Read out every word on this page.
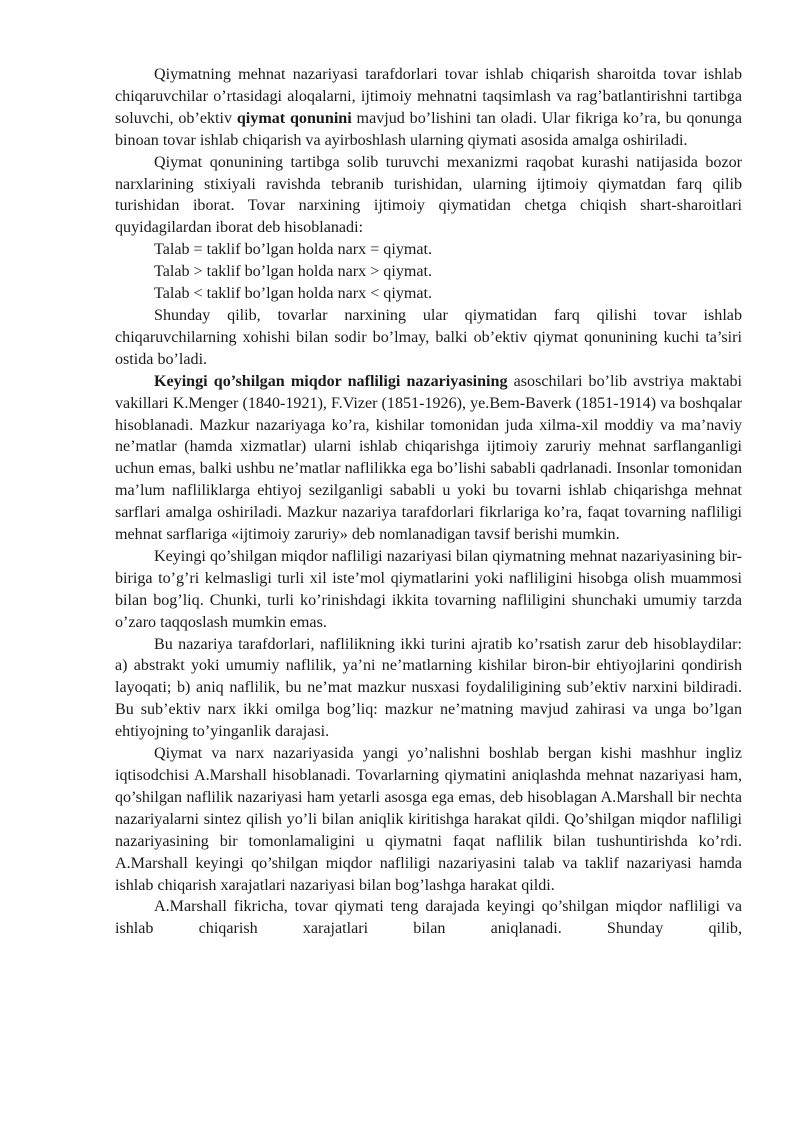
Qiymatning mehnat nazariyasi tarafdorlari tovar ishlab chiqarish sharoitda tovar ishlab chiqaruvchilar o’rtasidagi aloqalarni, ijtimoiy mehnatni taqsimlash va rag’batlantirishni tartibga soluvchi, ob’ektiv qiymat qonunini mavjud bo’lishini tan oladi. Ular fikriga ko’ra, bu qonunga binoan tovar ishlab chiqarish va ayirboshlash ularning qiymati asosida amalga oshiriladi.

Qiymat qonunining tartibga solib turuvchi mexanizmi raqobat kurashi natijasida bozor narxlarining stixiyali ravishda tebranib turishidan, ularning ijtimoiy qiymatdan farq qilib turishidan iborat. Tovar narxining ijtimoiy qiymatidan chetga chiqish shart-sharoitlari quyidagilardan iborat deb hisoblanadi:

Talab = taklif bo’lgan holda narx = qiymat.

Talab > taklif bo’lgan holda narx > qiymat.

Talab < taklif bo’lgan holda narx < qiymat.

Shunday qilib, tovarlar narxining ular qiymatidan farq qilishi tovar ishlab chiqaruvchilarning xohishi bilan sodir bo’lmay, balki ob’ektiv qiymat qonunining kuchi ta’siri ostida bo’ladi.

Keyingi qo’shilgan miqdor nafliligi nazariyasining asoschilari bo’lib avstriya maktabi vakillari K.Menger (1840-1921), F.Vizer (1851-1926), ye.Bem-Baverk (1851-1914) va boshqalar hisoblanadi. Mazkur nazariyaga ko’ra, kishilar tomonidan juda xilma-xil moddiy va ma’naviy ne’matlar (hamda xizmatlar) ularni ishlab chiqarishga ijtimoiy zaruriy mehnat sarflanganligi uchun emas, balki ushbu ne’matlar naflilikka ega bo’lishi sababli qadrlanadi. Insonlar tomonidan ma’lum nafliliklarga ehtiyoj sezilganligi sababli u yoki bu tovarni ishlab chiqarishga mehnat sarflari amalga oshiriladi. Mazkur nazariya tarafdorlari fikrlariga ko’ra, faqat tovarning nafliligi mehnat sarflariga «ijtimoiy zaruriy» deb nomlanadigan tavsif berishi mumkin.

Keyingi qo’shilgan miqdor nafliligi nazariyasi bilan qiymatning mehnat nazariyasining bir-biriga to’g’ri kelmasligi turli xil iste’mol qiymatlarini yoki nafliligini hisobga olish muammosi bilan bog’liq. Chunki, turli ko’rinishdagi ikkita tovarning nafliligini shunchaki umumiy tarzda o’zaro taqqoslash mumkin emas.

Bu nazariya tarafdorlari, naflilikning ikki turini ajratib ko’rsatish zarur deb hisoblaydilar: a) abstrakt yoki umumiy naflilik, ya’ni ne’matlarning kishilar biron-bir ehtiyojlarini qondirish layoqati; b) aniq naflilik, bu ne’mat mazkur nusxasi foydaliligining sub’ektiv narxini bildiradi. Bu sub’ektiv narx ikki omilga bog’liq: mazkur ne’matning mavjud zahirasi va unga bo’lgan ehtiyojning to’yinganlik darajasi.

Qiymat va narx nazariyasida yangi yo’nalishni boshlab bergan kishi mashhur ingliz iqtisodchisi A.Marshall hisoblanadi. Tovarlarning qiymatini aniqlashda mehnat nazariyasi ham, qo’shilgan naflilik nazariyasi ham yetarli asosga ega emas, deb hisoblagan A.Marshall bir nechta nazariyalarni sintez qilish yo’li bilan aniqlik kiritishga harakat qildi. Qo’shilgan miqdor nafliligi nazariyasining bir tomonlamaligini u qiymatni faqat naflilik bilan tushuntirishda ko’rdi. A.Marshall keyingi qo’shilgan miqdor nafliligi nazariyasini talab va taklif nazariyasi hamda ishlab chiqarish xarajatlari nazariyasi bilan bog’lashga harakat qildi.

A.Marshall fikricha, tovar qiymati teng darajada keyingi qo’shilgan miqdor nafliligi va ishlab chiqarish xarajatlari bilan aniqlanadi. Shunday qilib,
